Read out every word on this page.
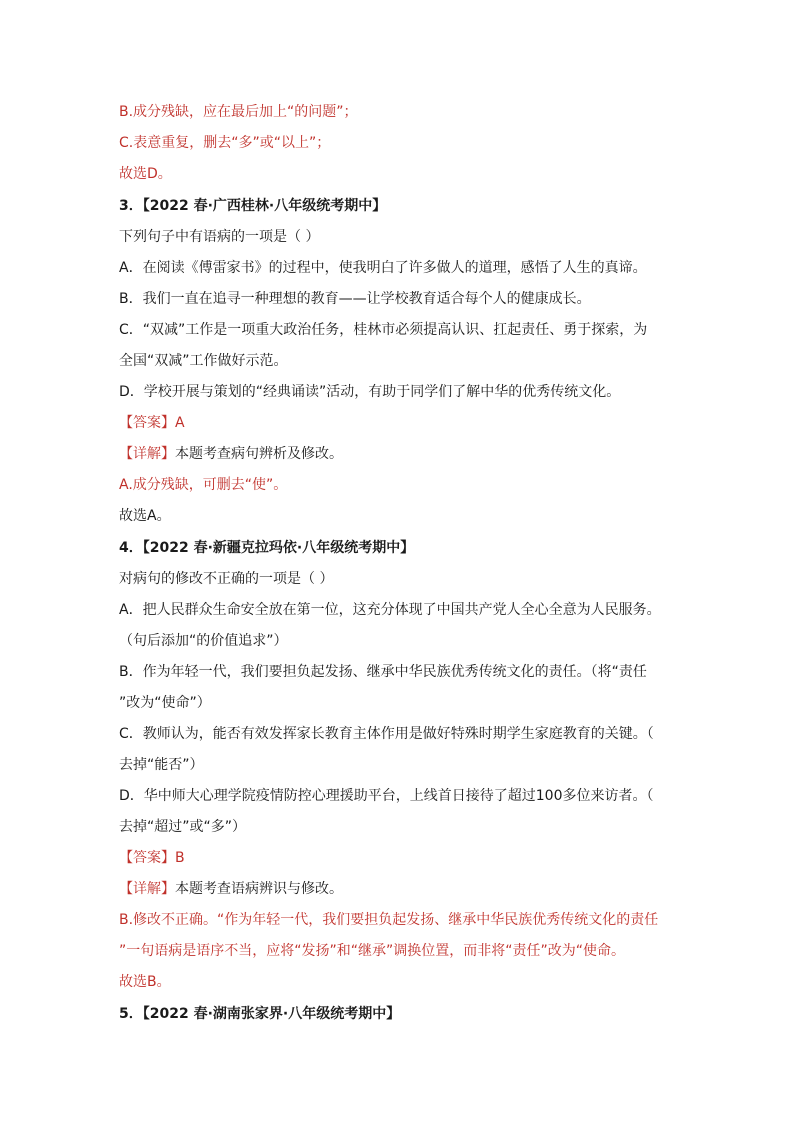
B.成分残缺，应在最后加上“的问题”；
C.表意重复，删去“多”或“以上”；
故选D。
3．【2022 春·广西桂林·八年级统考期中】
下列句子中有语病的一项是（ ）
A．在阅读《傅雷家书》的过程中，使我明白了许多做人的道理，感悟了人生的真谛。
B．我们一直在追寻一种理想的教育——让学校教育适合每个人的健康成长。
C．“双减”工作是一项重大政治任务，桂林市必须提高认识、扛起责任、勇于探索，为
全国“双减”工作做好示范。
D．学校开展与策划的“经典诵读”活动，有助于同学们了解中华的优秀传统文化。
【答案】A
【详解】本题考查病句辨析及修改。
A.成分残缺，可删去“使”。
故选A。
4．【2022 春·新疆克拉玛依·八年级统考期中】
对病句的修改不正确的一项是（ ）
A．把人民群众生命安全放在第一位，这充分体现了中国共产党人全心全意为人民服务。
（句后添加“的价值追求”）
B．作为年轻一代，我们要担负起发扬、继承中华民族优秀传统文化的责任。（将“责任
”改为“使命”）
C．教师认为，能否有效发挥家长教育主体作用是做好特殊时期学生家庭教育的关键。（
去掉“能否”）
D．华中师大心理学院疫情防控心理援助平台，上线首日接待了超过100多位来访者。（
去掉“超过”或“多”）
【答案】B
【详解】本题考查语病辨识与修改。
B.修改不正确。“作为年轻一代，我们要担负起发扬、继承中华民族优秀传统文化的责任
”一句语病是语序不当，应将“发扬”和“继承”调换位置，而非将“责任”改为“使命。
故选B。
5．【2022 春·湖南张家界·八年级统考期中】
